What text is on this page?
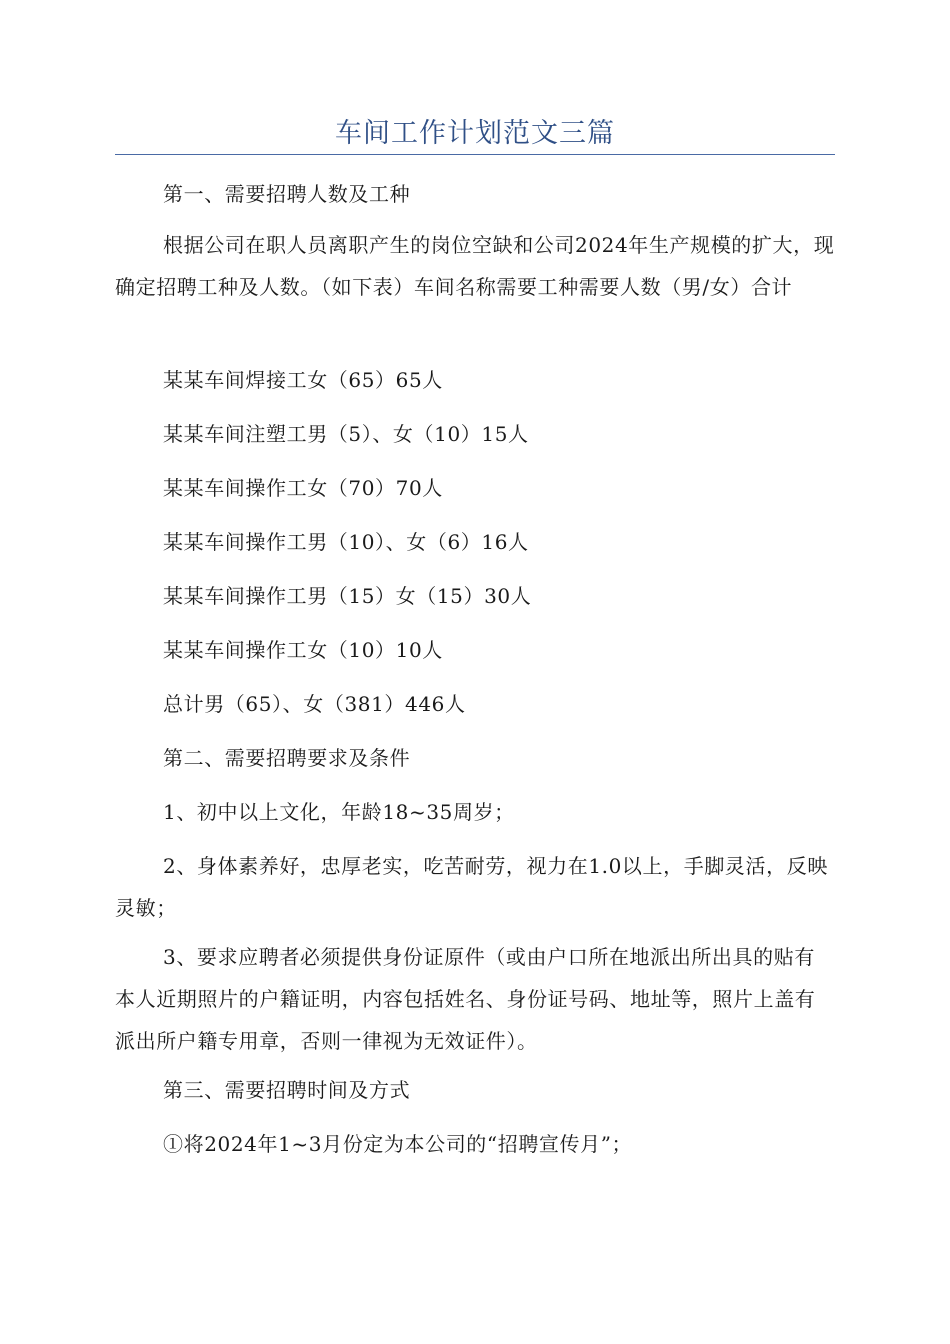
车间工作计划范文三篇

第一、需要招聘人数及工种

根据公司在职人员离职产生的岗位空缺和公司2024年生产规模的扩大，现确定招聘工种及人数。（如下表）车间名称需要工种需要人数（男/女）合计

某某车间焊接工女（65）65人

某某车间注塑工男（5）、女（10）15人

某某车间操作工女（70）70人

某某车间操作工男（10）、女（6）16人

某某车间操作工男（15）女（15）30人

某某车间操作工女（10）10人

总计男（65）、女（381）446人

第二、需要招聘要求及条件

1、初中以上文化，年龄18~35周岁；

2、身体素养好，忠厚老实，吃苦耐劳，视力在1.0以上，手脚灵活，反映灵敏；

3、要求应聘者必须提供身份证原件（或由户口所在地派出所出具的贴有本人近期照片的户籍证明，内容包括姓名、身份证号码、地址等，照片上盖有派出所户籍专用章，否则一律视为无效证件）。

第三、需要招聘时间及方式

①将2024年1~3月份定为本公司的“招聘宣传月”；
